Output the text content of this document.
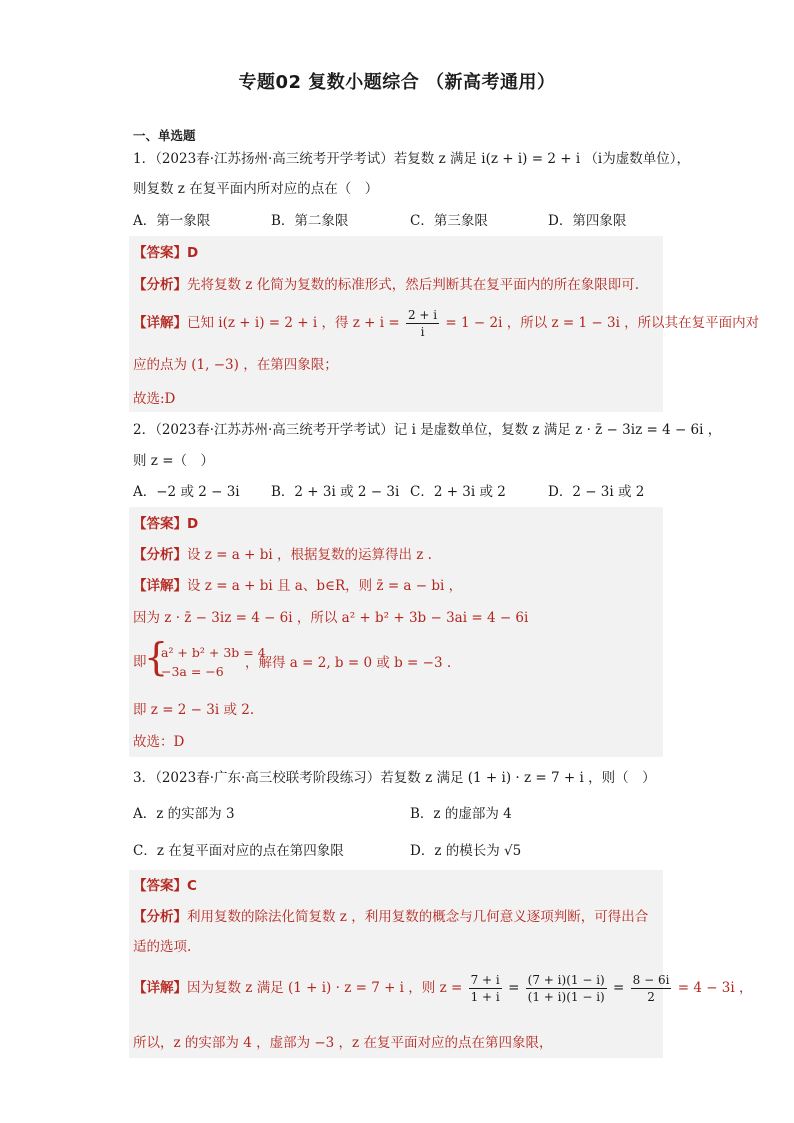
专题02 复数小题综合 （新高考通用）
一、单选题
1．（2023春·江苏扬州·高三统考开学考试）若复数 z 满足 i(z + i) = 2 + i （i为虚数单位），
则复数 z 在复平面内所对应的点在（　）
A．第一象限	B．第二象限	C．第三象限	D．第四象限
【答案】D
【分析】先将复数 z 化简为复数的标准形式，然后判断其在复平面内的所在象限即可.
【详解】已知 i(z + i) = 2 + i ，得 $z + i = \frac{2 + i}{i} = 1 - 2i$ ，所以 z = 1 − 3i ，所以其在复平面内对
应的点为 (1, −3) ，在第四象限；
故选:D
2．（2023春·江苏苏州·高三统考开学考试）记 i 是虚数单位，复数 z 满足 z · z̄ − 3iz = 4 − 6i ，
则 z =（　）
A．−2 或 2 − 3i B．2 + 3i 或 2 − 3i C．2 + 3i 或 2	D．2 − 3i 或 2
【答案】D
【分析】设 z = a + bi ，根据复数的运算得出 z .
【详解】设 z = a + bi 且 a、b∈R，则 z̄ = a − bi ，
因为 z · z̄ − 3iz = 4 − 6i ，所以 a² + b² + 3b − 3ai = 4 − 6i
即
{
a² + b² + 3b = 4
−3a = −6
，解得 a = 2, b = 0 或 b = −3 .
即 z = 2 − 3i 或 2.
故选：D
3．（2023春·广东·高三校联考阶段练习）若复数 z 满足 (1 + i) · z = 7 + i ，则（　）
A．z 的实部为 3	B．z 的虚部为 4
C．z 在复平面对应的点在第四象限	D．z 的模长为 √5
【答案】C
【分析】利用复数的除法化简复数 z ，利用复数的概念与几何意义逐项判断，可得出合
适的选项.
【详解】因为复数 z 满足 (1 + i) · z = 7 + i ，则 $z = \frac{7 + i}{1 + i} = \frac{(7 + i)(1 - i)}{(1 + i)(1 - i)} = \frac{8 - 6i}{2} = 4 - 3i$ ，
所以，z 的实部为 4 ，虚部为 −3 ，z 在复平面对应的点在第四象限，
